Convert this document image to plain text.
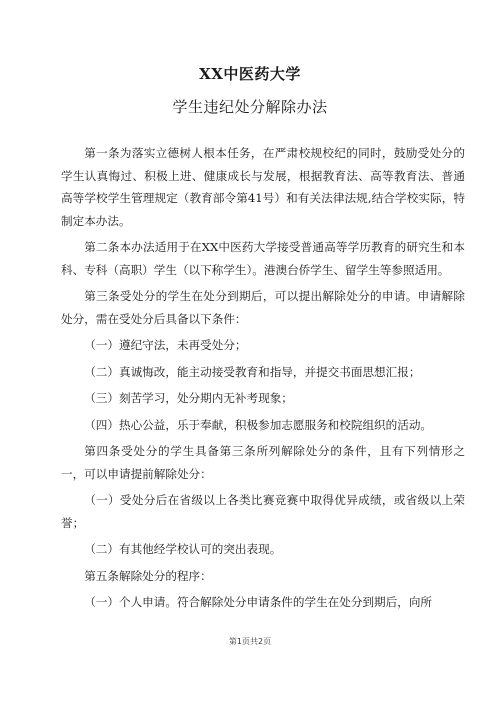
XX中医药大学
学生违纪处分解除办法

第一条为落实立德树人根本任务，在严肃校规校纪的同时，鼓励受处分的学生认真悔过、积极上进、健康成长与发展，根据教育法、高等教育法、普通高等学校学生管理规定（教育部令第41号）和有关法律法规,结合学校实际，特制定本办法。

第二条本办法适用于在XX中医药大学接受普通高等学历教育的研究生和本科、专科（高职）学生（以下称学生）。港澳台侨学生、留学生等参照适用。

第三条受处分的学生在处分到期后，可以提出解除处分的申请。申请解除处分，需在受处分后具备以下条件：

（一）遵纪守法，未再受处分；

（二）真诚悔改，能主动接受教育和指导，并提交书面思想汇报；

（三）刻苦学习，处分期内无补考现象；

（四）热心公益，乐于奉献，积极参加志愿服务和校院组织的活动。

第四条受处分的学生具备第三条所列解除处分的条件，且有下列情形之一，可以申请提前解除处分：

（一）受处分后在省级以上各类比赛竞赛中取得优异成绩，或省级以上荣誉；

（二）有其他经学校认可的突出表现。

第五条解除处分的程序：

（一）个人申请。符合解除处分申请条件的学生在处分到期后，向所

第1页共2页
